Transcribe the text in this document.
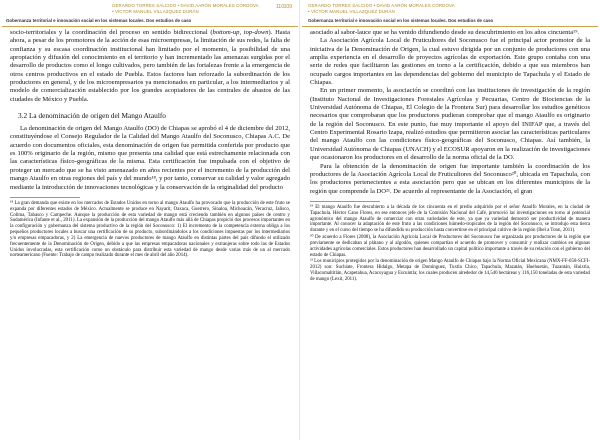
GERARDO TORRES SALCIDO • DAVID AARÓN MORALES CÓRDOVA
• VÍCTOR MANUEL VILLAZQUEZ DURÁN
Gobernanza territorial e innovación social en los sistemas locales. Dos estudios de caso
109

socio-territoriales y la coordinación del proceso en sentido bidireccional (bottom-up, top-down). Hasta ahora, a pesar de los promotores de la acción de esas microempresas, la limitación de sus redes, la falta de confianza y su escasa coordinación institucional han limitado por el momento, la posibilidad de una apropiación y difusión del conocimiento en el territorio y han incrementado las amenazas surgidas por el desarrollo de productos como el longo cultivados, pero también de las fortalezas frente a la emergencia de otros centros productivos en el estado de Puebla. Estos factores han reforzado la subordinación de los productores en general, y de los microempresarios ya mencionados en particular, a los intermediarios y al modelo de comercialización establecido por los grandes acopiadores de las centrales de abastos de las ciudades de México y Puebla.

3.2 La denominación de origen del Mango Ataulfo

La denominación de origen del Mango Ataulfo (DO) de Chiapas se aprobó el 4 de diciembre del 2012, constituyéndose el Consejo Regulador de la Calidad del Mango Ataulfo del Soconusco, Chiapas A.C. De acuerdo con documentos oficiales, esta denominación de origen fue permitida conferida por producto que es 100% originario de la región, mismo que presenta una calidad que está estrechamente relacionada con las características físico-geográficas de la misma. Esta certificación fue impulsada con el objetivo de proteger un mercado que se ha visto amenazado en años recientes por el incremento de la producción del mango Ataulfo en otras regiones del país y del mundo¹⁸, y por tanto, conservar su calidad y valor agregado mediante la introducción de innovaciones tecnológicas y la conservación de la originalidad del producto

¹⁸ La gran demanda que existe en los mercados de Estados Unidos en torno al mango Ataulfo ha provocado que la producción de este fruto se expanda por diferentes estados de México. Actualmente se produce en Nayarit, Oaxaca, Guerrero, Sinaloa, Michoacán, Veracruz, Jalisco, Colima, Tabasco y Campeche. Aunque la producción de esta variedad de mango está creciendo también en algunos países de centro y Sudamérica (Infante et al., 2011). La expansión de la producción del mango Ataulfo más allá de Chiapas propició dos procesos importantes en la configuración y gobernanza del sistema productivo de la región del Soconusco: 1) El incremento de la competencia externa obliga a los pequeños productores locales a buscar una certificación de su producto, subordinándolos a los condiciones impuestas por los intermediarios y/o empresas empacadoras, y 2) La emergencia de nuevos productores de mango Ataulfo en distintas partes del país difundo el utilizado frecuentemente de la Denominación de Origen, debido a que las empresas empacadoras nacionales y extranjeras sobre todo las de Estados Unidos involucradas, esta certificación como un obstáculo para distribuir esta variedad de mango desde varias más de un al mercado norteamericano (Fuente: Trabajo de campo realizado durante el mes de abril del año 2014).

110	GERARDO TORRES SALCIDO • DAVID AARÓN MORALES CÓRDOVA
• VÍCTOR MANUEL VILLAZQUEZ DURÁN
Gobernanza territorial e innovación social en los sistemas locales. Dos estudios de caso

asociado al sabor-lauce que se ha venido difundiendo desde su descubrimiento en los años cincuenta¹⁹.

La Asociación Agrícola Local de Fruticultores del Soconusco fue el principal actor promotor de la iniciativa de la Denominación de Origen, la cual estuvo dirigida por un conjunto de productores con una amplia experiencia en el desarrollo de proyectos agrícolas de exportación. Este grupo contaba con una serie de redes que facilitaron las gestiones en torno a la certificación, debido a que sus miembros han ocupado cargos importantes en las dependencias del gobierno del municipio de Tapachula y el Estado de Chiapas.

En un primer momento, la asociación se coordinó con las instituciones de investigación de la región (Instituto Nacional de Investigaciones Forestales Agrícolas y Pecuarias, Centro de Biociencias de la Universidad Autónoma de Chiapas, El Colegio de la Frontera Sur) para desarrollar los estudios genéticos necesarios que comprobaran que los productores pudieran comprobar que el mango Ataulfo es originario de la región del Soconusco. En este punto, fue muy importante el apoyo del INIFAP que, a través del Centro Experimental Rosario Izapa, realizó estudios que permitieron asociar las características particulares del mango Ataulfo con las condiciones físico-geográficas del Soconusco, Chiapas. Así también, la Universidad Autónoma de Chiapas (UNACH) y el ECOSUR apoyaron en la realización de investigaciones que ocasionaron los productores en el desarrollo de la norma oficial de la DO.

Para la obtención de la denominación de origen fue importante también la coordinación de los productores de la Asociación Agrícola Local de Fruticultores del Soconusco²⁰, ubicada en Tapachula, con los productores pertenecientes a esta asociación pero que se ubican en los diferentes municipios de la región que comprende la DO²¹. De acuerdo al representante de la Asociación, el gran

¹⁹ El mango Ataulfo fue descubierto a la década de los cincuenta en el predio adquirido por el señor Ataulfo Morales, en la ciudad de Tapachula. Héctor Cano Flores, en ese entonces jefe de la Comisión Nacional del Café, promovió las investigaciones en torno al potencial agronómico del mango Ataulfo de comerciar con otras variedades de este, ya que ya variedad demostró ser productividad de manera importante. Al conocer la adaptación de este fruto a las condiciones húmedo-tropicales de la región del Soconusco, se introdujo esta tierra durante y en el curso del tiempo se ha difundido su producción hasta convertirse en el principal cultivo de la región (Ibel a Tonn, 2011).

²⁰ De acuerdo a Flores (2008), la Asociación Agrícola Local de Productores del Soconusco fue organizada por productores de la región que previamente se dedicaban al plátano y al algodón, quienes compartían el acuerdo de promover y consumir y realizar cambios en algunas actividades agrícolas comerciales. Estos productores han desarrollado un capital político importante a través de su relación con el gobierno del estado de Chiapas.

²¹ Los municipios protegidos por la denominación de origen Mango Ataulfo de Chiapas bajo la Norma Oficial Mexicana (NMX-FF-058-SCFI-2012) son: Suchiate, Frontera Hidalgo, Metapa de Domínguez, Tuxtla Chico, Tapachula, Mazatán, Huehuetán, Tuzantán, Huixtla, Villacomaltitlán, Acapetahua, Acacoyagua y Escuintla; los cuales producen alrededor de 14,540 hectáreas y 116,150 toneladas de esta variedad de mango (Lexit, 2011).
